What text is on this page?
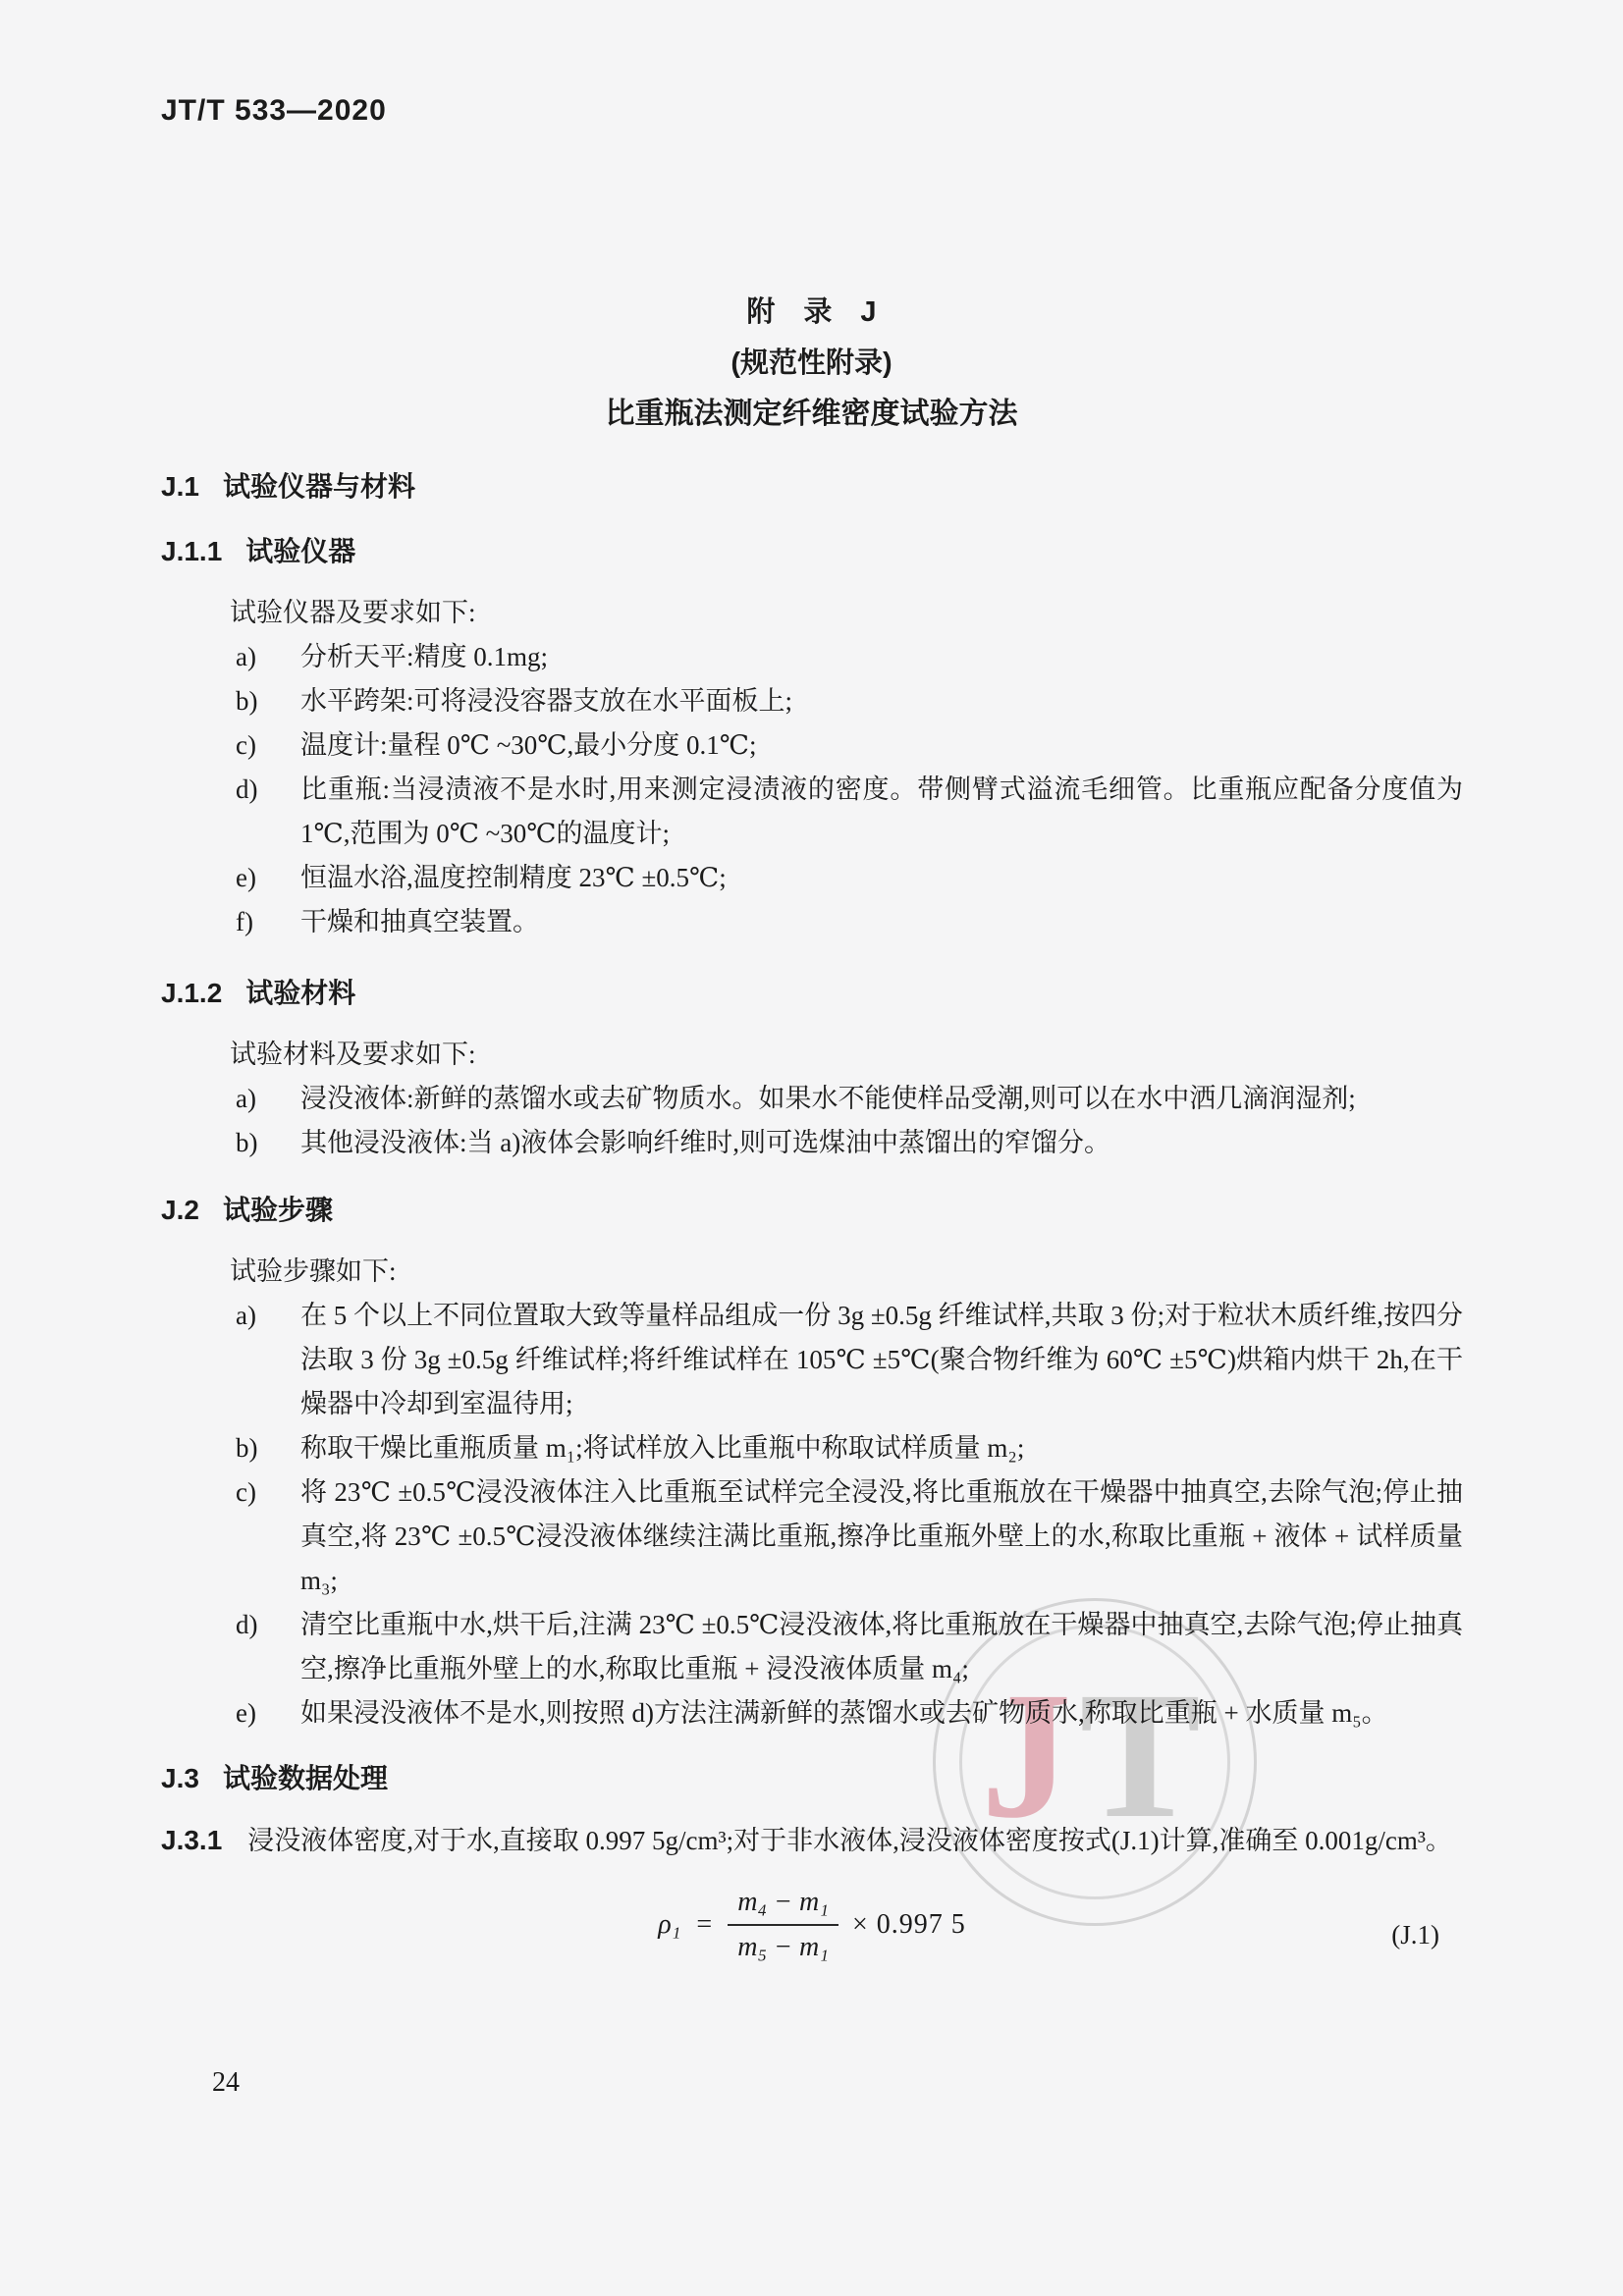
JT
JT/T 533—2020
附　录　J
(规范性附录)
比重瓶法测定纤维密度试验方法
J.1 试验仪器与材料
J.1.1 试验仪器
试验仪器及要求如下:
a) 分析天平:精度 0.1mg;
b) 水平跨架:可将浸没容器支放在水平面板上;
c) 温度计:量程 0℃ ~30℃,最小分度 0.1℃;
d) 比重瓶:当浸渍液不是水时,用来测定浸渍液的密度。带侧臂式溢流毛细管。比重瓶应配备分度值为 1℃,范围为 0℃ ~30℃的温度计;
e) 恒温水浴,温度控制精度 23℃ ±0.5℃;
f) 干燥和抽真空装置。
J.1.2 试验材料
试验材料及要求如下:
a) 浸没液体:新鲜的蒸馏水或去矿物质水。如果水不能使样品受潮,则可以在水中洒几滴润湿剂;
b) 其他浸没液体:当 a)液体会影响纤维时,则可选煤油中蒸馏出的窄馏分。
J.2 试验步骤
试验步骤如下:
a) 在 5 个以上不同位置取大致等量样品组成一份 3g ±0.5g 纤维试样,共取 3 份;对于粒状木质纤维,按四分法取 3 份 3g ±0.5g 纤维试样;将纤维试样在 105℃ ±5℃(聚合物纤维为 60℃ ±5℃)烘箱内烘干 2h,在干燥器中冷却到室温待用;
b) 称取干燥比重瓶质量 m₁;将试样放入比重瓶中称取试样质量 m₂;
c) 将 23℃ ±0.5℃浸没液体注入比重瓶至试样完全浸没,将比重瓶放在干燥器中抽真空,去除气泡;停止抽真空,将 23℃ ±0.5℃浸没液体继续注满比重瓶,擦净比重瓶外壁上的水,称取比重瓶 + 液体 + 试样质量 m₃;
d) 清空比重瓶中水,烘干后,注满 23℃ ±0.5℃浸没液体,将比重瓶放在干燥器中抽真空,去除气泡;停止抽真空,擦净比重瓶外壁上的水,称取比重瓶 + 浸没液体质量 m₄;
e) 如果浸没液体不是水,则按照 d)方法注满新鲜的蒸馏水或去矿物质水,称取比重瓶 + 水质量 m₅。
J.3 试验数据处理
J.3.1 浸没液体密度,对于水,直接取 0.997 5g/cm³;对于非水液体,浸没液体密度按式(J.1)计算,准确至 0.001g/cm³。
$\rho_1 = \frac{\text{m₄ − m₁}}{\text{m₅ − m₁}} \times 0.997$ 5	(J.1)
24
